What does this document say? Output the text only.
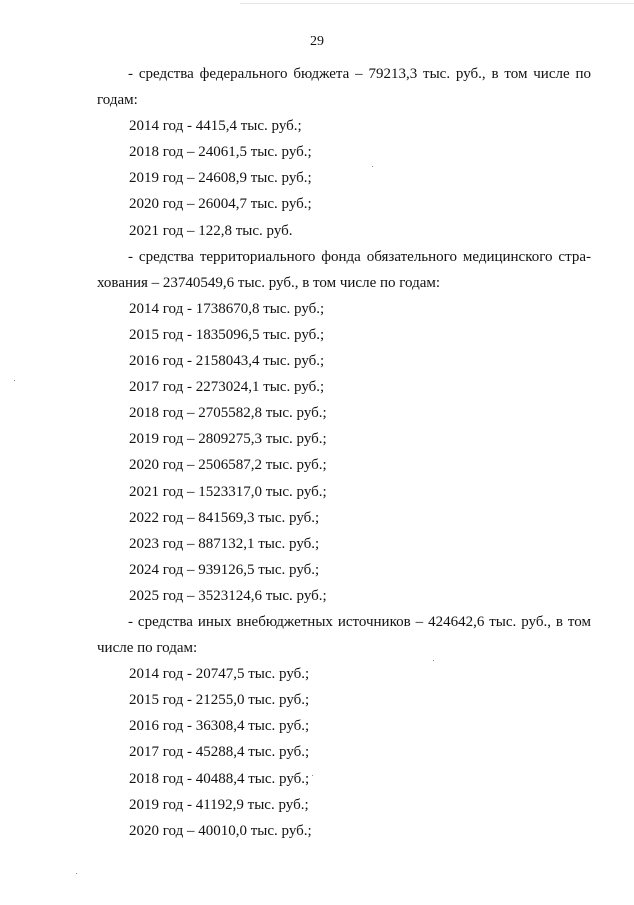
29
- средства федерального бюджета – 79213,3 тыс. руб., в том числе по
годам:
2014 год - 4415,4 тыс. руб.;
2018 год – 24061,5 тыс. руб.;
2019 год – 24608,9 тыс. руб.;
2020 год – 26004,7 тыс. руб.;
2021 год – 122,8 тыс. руб.
- средства территориального фонда обязательного медицинского стра-
хования – 23740549,6 тыс. руб., в том числе по годам:
2014 год - 1738670,8 тыс. руб.;
2015 год - 1835096,5 тыс. руб.;
2016 год - 2158043,4 тыс. руб.;
2017 год - 2273024,1 тыс. руб.;
2018 год – 2705582,8 тыс. руб.;
2019 год – 2809275,3 тыс. руб.;
2020 год – 2506587,2 тыс. руб.;
2021 год – 1523317,0 тыс. руб.;
2022 год – 841569,3 тыс. руб.;
2023 год – 887132,1 тыс. руб.;
2024 год – 939126,5 тыс. руб.;
2025 год – 3523124,6 тыс. руб.;
- средства иных внебюджетных источников – 424642,6 тыс. руб., в том
числе по годам:
2014 год - 20747,5 тыс. руб.;
2015 год - 21255,0 тыс. руб.;
2016 год - 36308,4 тыс. руб.;
2017 год - 45288,4 тыс. руб.;
2018 год - 40488,4 тыс. руб.;
2019 год - 41192,9 тыс. руб.;
2020 год – 40010,0 тыс. руб.;
